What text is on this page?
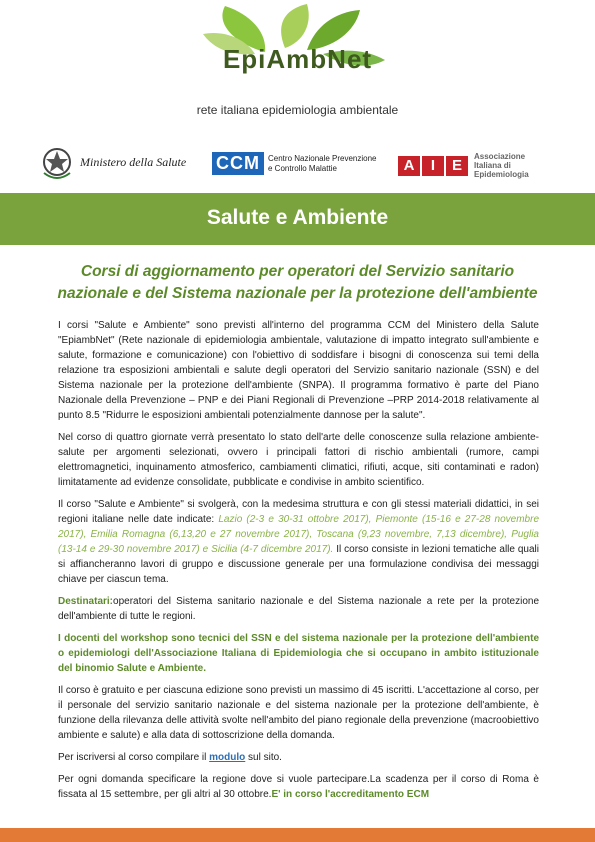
EpiAmbNet
rete italiana epidemiologia ambientale
Ministero della Salute CCM	Centro Nazionale Prevenzione
e Controllo Malattie	A	I	E	Associazione
Italiana di
Epidemiologia
Salute e Ambiente
Corsi di aggiornamento per operatori del Servizio sanitario
nazionale e del Sistema nazionale per la protezione dell'ambiente

I corsi "Salute e Ambiente" sono previsti all'interno del programma CCM del Ministero della Salute "EpiambNet" (Rete nazionale di epidemiologia ambientale, valutazione di impatto integrato sull'ambiente e salute, formazione e comunicazione) con l'obiettivo di soddisfare i bisogni di conoscenza sui temi della relazione tra esposizioni ambientali e salute degli operatori del Servizio sanitario nazionale (SSN) e del Sistema nazionale per la protezione dell'ambiente (SNPA). Il programma formativo è parte del Piano Nazionale della Prevenzione – PNP e dei Piani Regionali di Prevenzione –PRP 2014-2018 relativamente al punto 8.5 "Ridurre le esposizioni ambientali potenzialmente dannose per la salute".

Nel corso di quattro giornate verrà presentato lo stato dell'arte delle conoscenze sulla relazione ambiente-salute per argomenti selezionati, ovvero i principali fattori di rischio ambientali (rumore, campi elettromagnetici, inquinamento atmosferico, cambiamenti climatici, rifiuti, acque, siti contaminati e radon) limitatamente ad evidenze consolidate, pubblicate e condivise in ambito scientifico.

Il corso "Salute e Ambiente" si svolgerà, con la medesima struttura e con gli stessi materiali didattici, in sei regioni italiane nelle date indicate: Lazio (2-3 e 30-31 ottobre 2017), Piemonte (15-16 e 27-28 novembre 2017), Emilia Romagna (6,13,20 e 27 novembre 2017), Toscana (9,23 novembre, 7,13 dicembre), Puglia (13-14 e 29-30 novembre 2017) e Sicilia (4-7 dicembre 2017). Il corso consiste in lezioni tematiche alle quali si affiancheranno lavori di gruppo e discussione generale per una formulazione condivisa dei messaggi chiave per ciascun tema.

Destinatari:operatori del Sistema sanitario nazionale e del Sistema nazionale a rete per la protezione dell'ambiente di tutte le regioni.

I docenti del workshop sono tecnici del SSN e del sistema nazionale per la protezione dell'ambiente o epidemiologi dell'Associazione Italiana di Epidemiologia che si occupano in ambito istituzionale del binomio Salute e Ambiente.

Il corso è gratuito e per ciascuna edizione sono previsti un massimo di 45 iscritti. L'accettazione al corso, per il personale del servizio sanitario nazionale e del sistema nazionale per la protezione dell'ambiente, è funzione della rilevanza delle attività svolte nell'ambito del piano regionale della prevenzione (macroobiettivo ambiente e salute) e alla data di sottoscrizione della domanda.

Per iscriversi al corso compilare il modulo sul sito.

Per ogni domanda specificare la regione dove si vuole partecipare.La scadenza per il corso di Roma è fissata al 15 settembre, per gli altri al 30 ottobre.E' in corso l'accreditamento ECM
